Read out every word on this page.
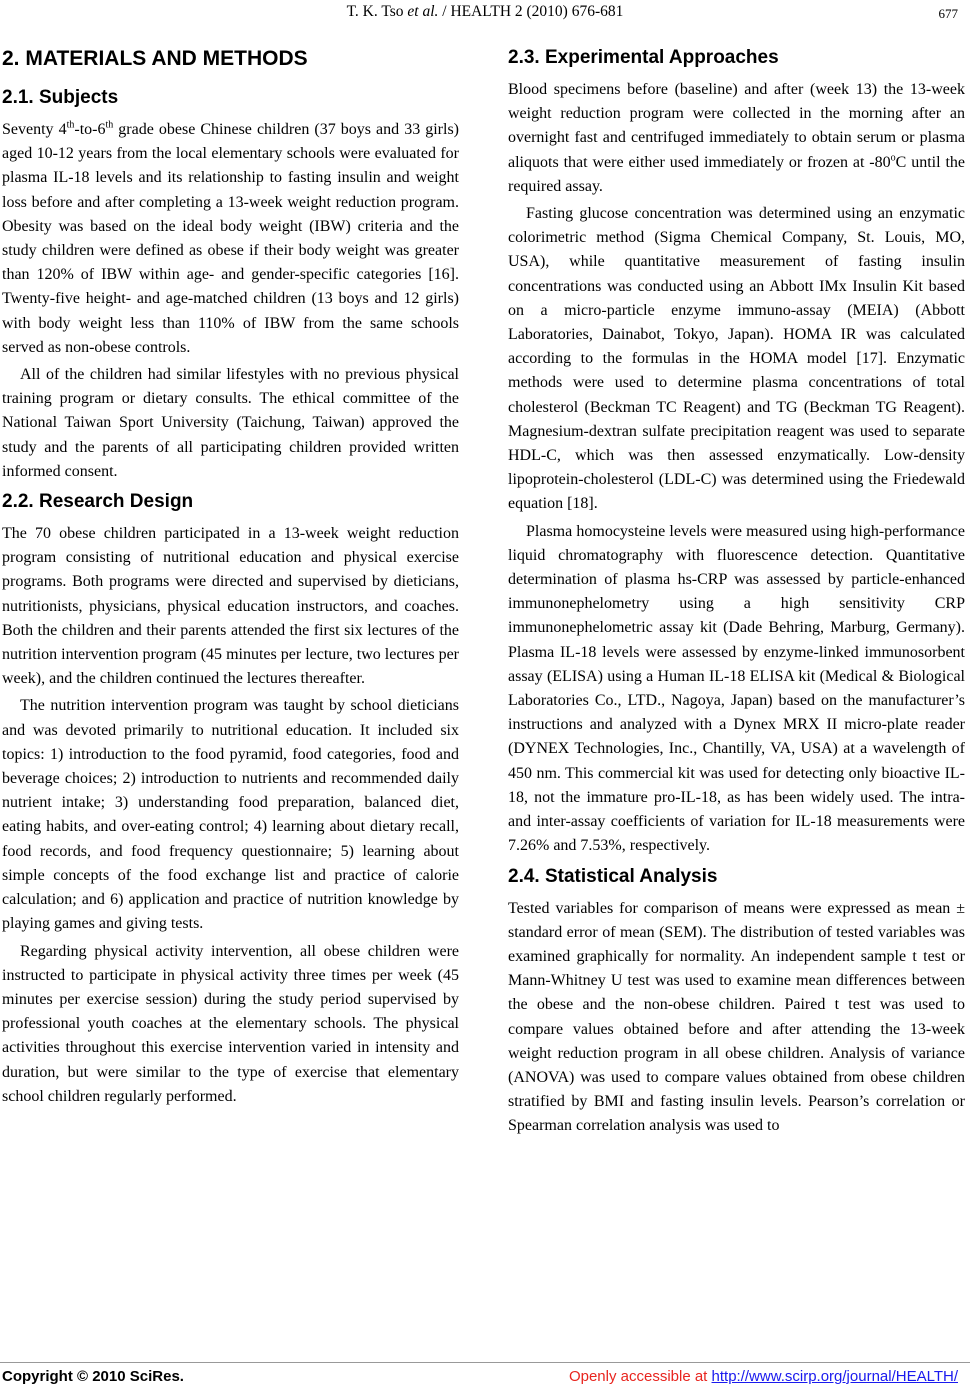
T. K. Tso et al. / HEALTH 2 (2010) 676-681	677
2. MATERIALS AND METHODS
2.1. Subjects

Seventy 4th-to-6th grade obese Chinese children (37 boys and 33 girls) aged 10-12 years from the local elementary schools were evaluated for plasma IL-18 levels and its relationship to fasting insulin and weight loss before and after completing a 13-week weight reduction program. Obesity was based on the ideal body weight (IBW) criteria and the study children were defined as obese if their body weight was greater than 120% of IBW within age- and gender-specific categories [16]. Twenty-five height- and age-matched children (13 boys and 12 girls) with body weight less than 110% of IBW from the same schools served as non-obese controls.

All of the children had similar lifestyles with no previous physical training program or dietary consults. The ethical committee of the National Taiwan Sport University (Taichung, Taiwan) approved the study and the parents of all participating children provided written informed consent.

2.2. Research Design

The 70 obese children participated in a 13-week weight reduction program consisting of nutritional education and physical exercise programs. Both programs were directed and supervised by dieticians, nutritionists, physicians, physical education instructors, and coaches. Both the children and their parents attended the first six lectures of the nutrition intervention program (45 minutes per lecture, two lectures per week), and the children continued the lectures thereafter.

The nutrition intervention program was taught by school dieticians and was devoted primarily to nutritional education. It included six topics: 1) introduction to the food pyramid, food categories, food and beverage choices; 2) introduction to nutrients and recommended daily nutrient intake; 3) understanding food preparation, balanced diet, eating habits, and over-eating control; 4) learning about dietary recall, food records, and food frequency questionnaire; 5) learning about simple concepts of the food exchange list and practice of calorie calculation; and 6) application and practice of nutrition knowledge by playing games and giving tests.

Regarding physical activity intervention, all obese children were instructed to participate in physical activity three times per week (45 minutes per exercise session) during the study period supervised by professional youth coaches at the elementary schools. The physical activities throughout this exercise intervention varied in intensity and duration, but were similar to the type of exercise that elementary school children regularly performed.

2.3. Experimental Approaches

Blood specimens before (baseline) and after (week 13) the 13-week weight reduction program were collected in the morning after an overnight fast and centrifuged immediately to obtain serum or plasma aliquots that were either used immediately or frozen at -80$^o$C until the required assay.

Fasting glucose concentration was determined using an enzymatic colorimetric method (Sigma Chemical Company, St. Louis, MO, USA), while quantitative measurement of fasting insulin concentrations was conducted using an Abbott IMx Insulin Kit based on a micro-particle enzyme immuno-assay (MEIA) (Abbott Laboratories, Dainabot, Tokyo, Japan). HOMA IR was calculated according to the formulas in the HOMA model [17]. Enzymatic methods were used to determine plasma concentrations of total cholesterol (Beckman TC Reagent) and TG (Beckman TG Reagent). Magnesium-dextran sulfate precipitation reagent was used to separate HDL-C, which was then assessed enzymatically. Low-density lipoprotein-cholesterol (LDL-C) was determined using the Friedewald equation [18].

Plasma homocysteine levels were measured using high-performance liquid chromatography with fluorescence detection. Quantitative determination of plasma hs-CRP was assessed by particle-enhanced immunonephelometry using a high sensitivity CRP immunonephelometric assay kit (Dade Behring, Marburg, Germany). Plasma IL-18 levels were assessed by enzyme-linked immunosorbent assay (ELISA) using a Human IL-18 ELISA kit (Medical & Biological Laboratories Co., LTD., Nagoya, Japan) based on the manufacturer’s instructions and analyzed with a Dynex MRX II micro-plate reader (DYNEX Technologies, Inc., Chantilly, VA, USA) at a wavelength of 450 nm. This commercial kit was used for detecting only bioactive IL-18, not the immature pro-IL-18, as has been widely used. The intra- and inter-assay coefficients of variation for IL-18 measurements were 7.26% and 7.53%, respectively.

2.4. Statistical Analysis

Tested variables for comparison of means were expressed as mean ± standard error of mean (SEM). The distribution of tested variables was examined graphically for normality. An independent sample t test or Mann-Whitney U test was used to examine mean differences between the obese and the non-obese children. Paired t test was used to compare values obtained before and after attending the 13-week weight reduction program in all obese children. Analysis of variance (ANOVA) was used to compare values obtained from obese children stratified by BMI and fasting insulin levels. Pearson’s correlation or Spearman correlation analysis was used to

Copyright © 2010 SciRes.	Openly accessible at http://www.scirp.org/journal/HEALTH/
